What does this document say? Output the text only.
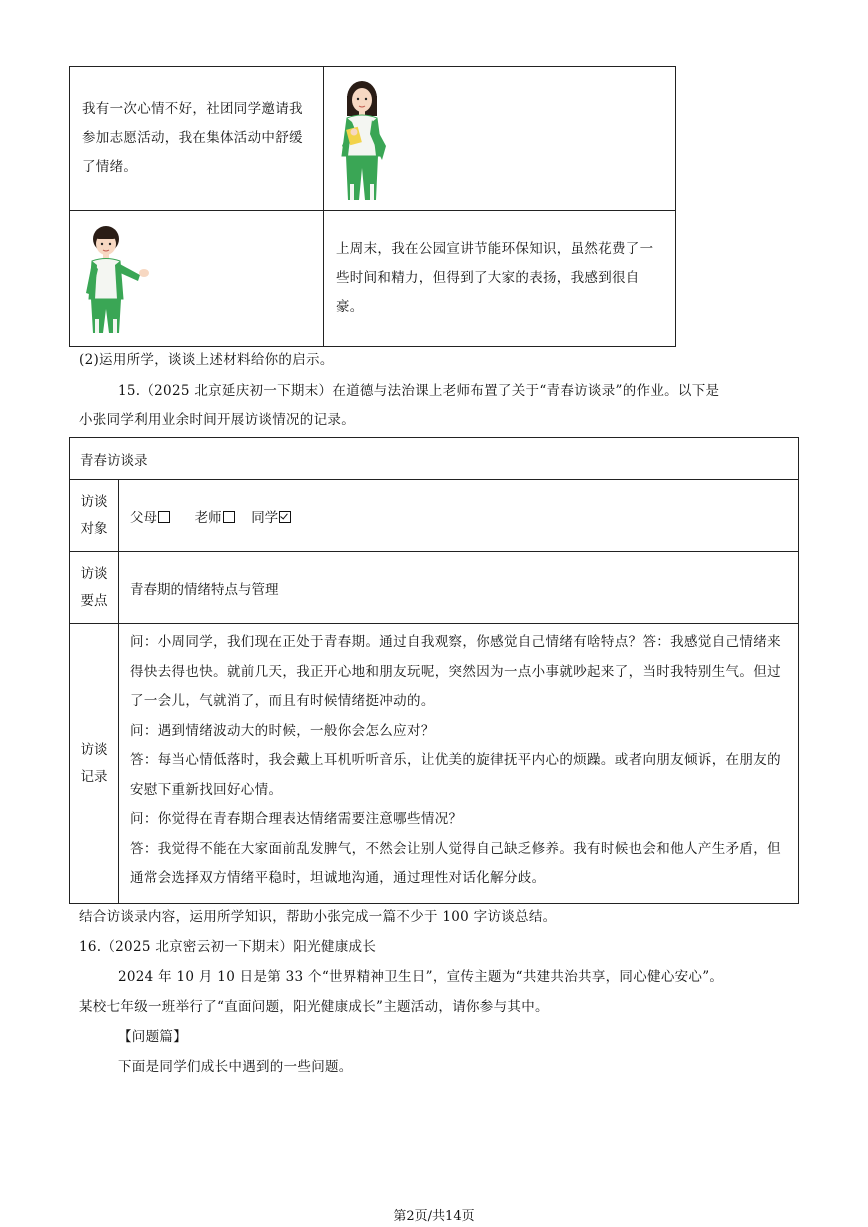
我有一次心情不好，社团同学邀请我参加志愿活动，我在集体活动中舒缓了情绪。

上周末，我在公园宣讲节能环保知识，虽然花费了一些时间和精力，但得到了大家的表扬，我感到很自豪。
(2)运用所学，谈谈上述材料给你的启示。
15.（2025 北京延庆初一下期末）在道德与法治课上老师布置了关于“青春访谈录”的作业。以下是
小张同学利用业余时间开展访谈情况的记录。
青春访谈录	

访谈对象	父母 老师 同学

访谈要点	青春期的情绪特点与管理

访谈记录	问：小周同学，我们现在正处于青春期。通过自我观察，你感觉自己情绪有啥特点？答：我感觉自己情绪来得快去得也快。就前几天，我正开心地和朋友玩呢，突然因为一点小事就吵起来了，当时我特别生气。但过了一会儿，气就消了，而且有时候情绪挺冲动的。
问：遇到情绪波动大的时候，一般你会怎么应对？
答：每当心情低落时，我会戴上耳机听听音乐，让优美的旋律抚平内心的烦躁。或者向朋友倾诉，在朋友的安慰下重新找回好心情。
问：你觉得在青春期合理表达情绪需要注意哪些情况？
答：我觉得不能在大家面前乱发脾气，不然会让别人觉得自己缺乏修养。我有时候也会和他人产生矛盾，但通常会选择双方情绪平稳时，坦诚地沟通，通过理性对话化解分歧。
结合访谈录内容，运用所学知识，帮助小张完成一篇不少于 100 字访谈总结。
16.（2025 北京密云初一下期末）阳光健康成长
2024 年 10 月 10 日是第 33 个“世界精神卫生日”，宣传主题为“共建共治共享，同心健心安心”。
某校七年级一班举行了“直面问题，阳光健康成长”主题活动，请你参与其中。
【问题篇】
下面是同学们成长中遇到的一些问题。
第2页/共14页
